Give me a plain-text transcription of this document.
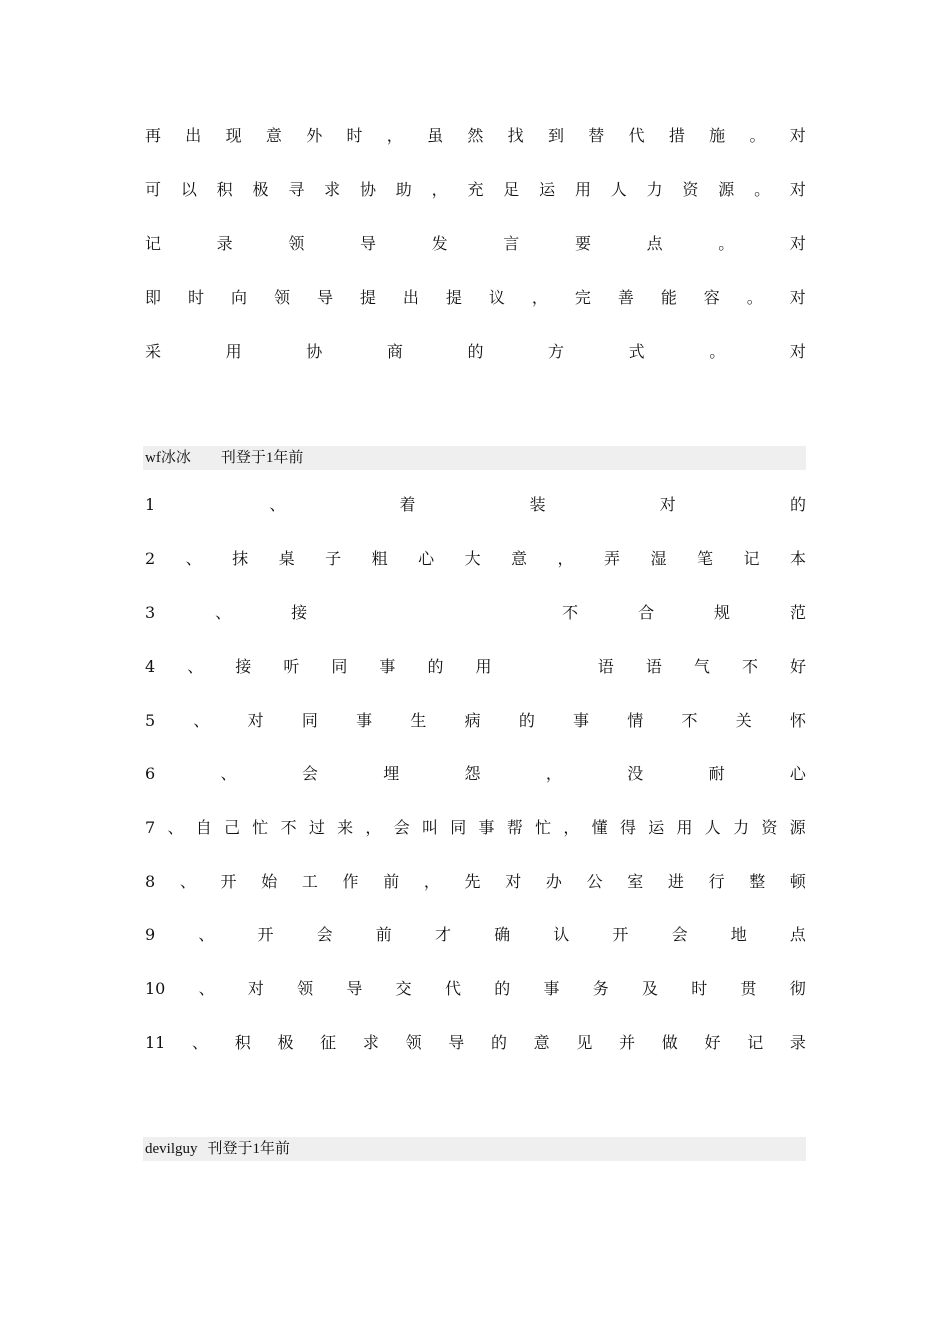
再 出 现 意 外 时 ， 虽 然 找 到 替 代 措 施 。 对
可 以 积 极 寻 求 协 助 ， 充 足 运 用 人 力 资 源 。 对
记	录	领	导	发	言	要	点	。	对
即 时 向 领 导 提 出 提 议 ， 完 善 能 容 。 对
采	用	协	商	的	方	式	。	对
wf冰冰 刊登于1年前
1	、	着	装	对	的
2 、 抹 桌 子 粗 心 大 意 ， 弄 湿 笔 记 本
3	、	接

	不	合	规	范
4 、 接 听 同 事 的 用

	语 语 气 不 好
5 、 对 同 事 生 病 的 事 情 不 关 怀
6	、	会	埋	怨	，	没	耐	心
7 、 自 己 忙 不 过 来 ， 会 叫 同 事 帮 忙 ， 懂 得 运 用 人 力 资 源
8 、 开 始 工 作 前 ， 先 对 办 公 室 进 行 整 顿
9	、	开	会	前	才	确	认	开	会	地	点
10 、 对 领 导 交 代 的 事 务 及 时 贯 彻
11 、 积 极 征 求 领 导 的 意 见 并 做 好 记 录
devilguy 刊登于1年前
